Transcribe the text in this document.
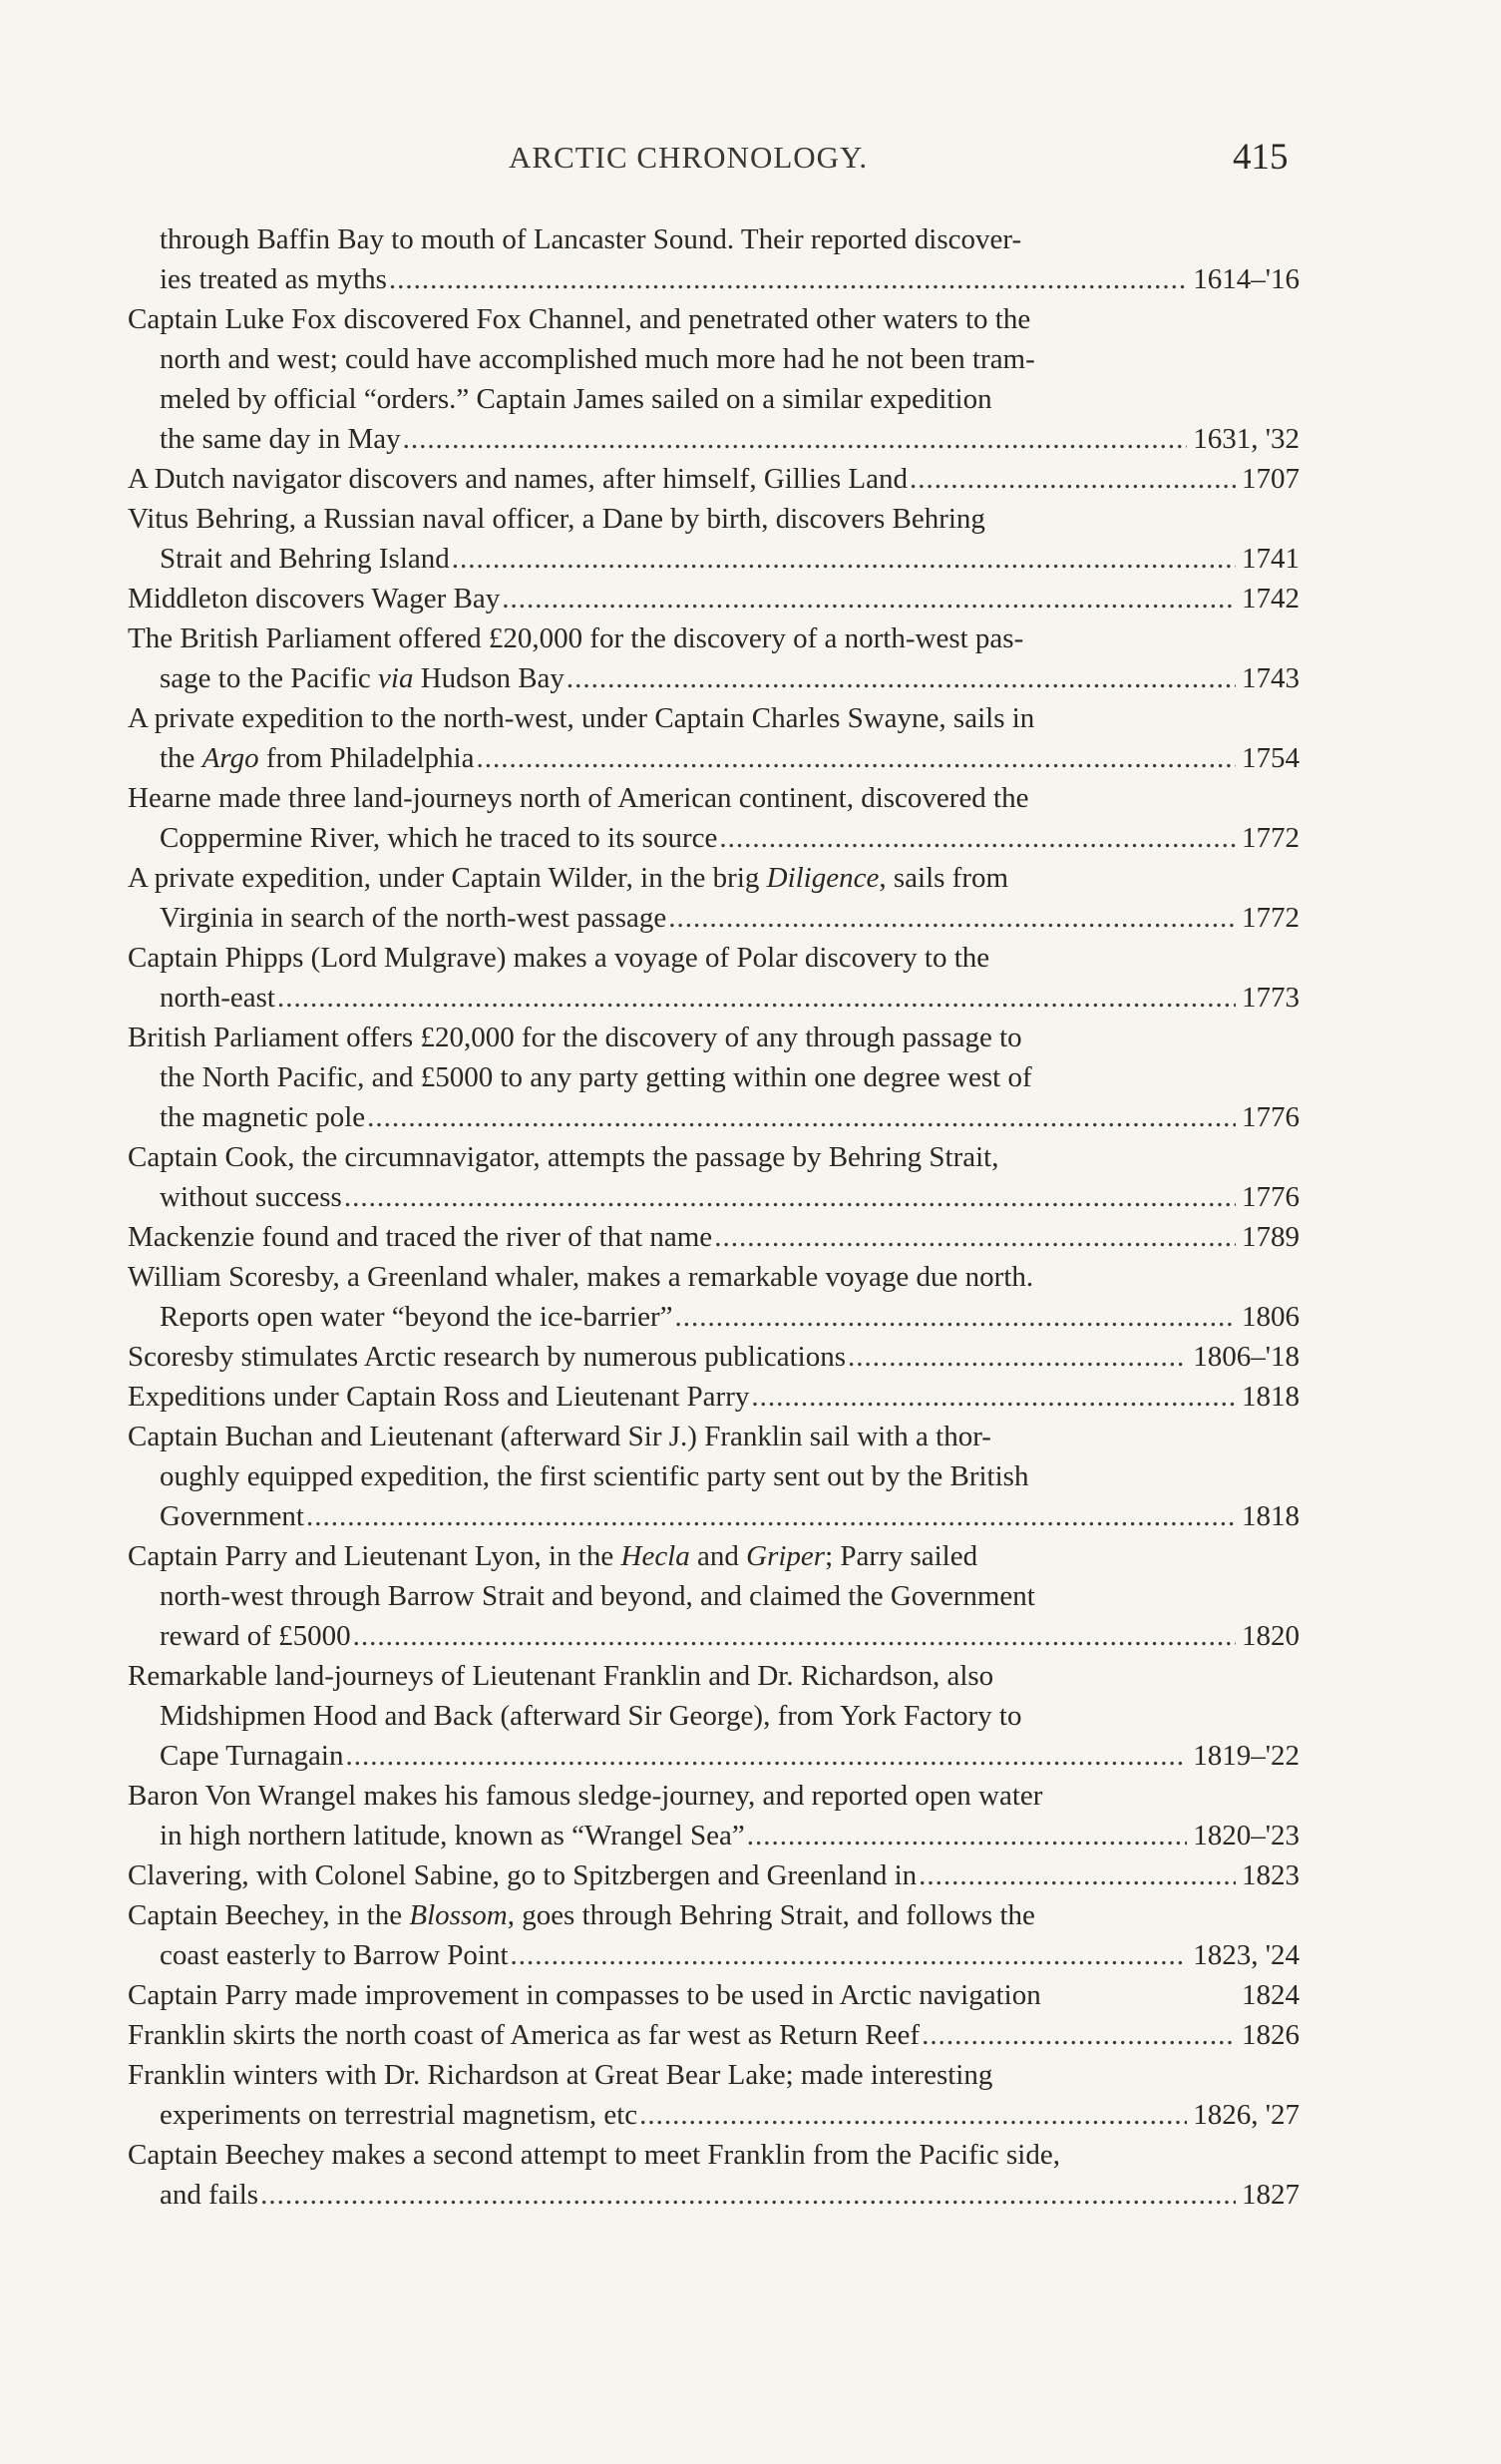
ARCTIC CHRONOLOGY.	415
through Baffin Bay to mouth of Lancaster Sound. Their reported discover-
ies treated as myths .....	1614–'16
Captain Luke Fox discovered Fox Channel, and penetrated other waters to the
north and west; could have accomplished much more had he not been tram-
meled by official “orders.” Captain James sailed on a similar expedition
the same day in May .....	1631, '32
A Dutch navigator discovers and names, after himself, Gillies Land .....	1707
Vitus Behring, a Russian naval officer, a Dane by birth, discovers Behring
Strait and Behring Island .....	1741
Middleton discovers Wager Bay .....	1742
The British Parliament offered £20,000 for the discovery of a north-west pas-
sage to the Pacific via Hudson Bay .....	1743
A private expedition to the north-west, under Captain Charles Swayne, sails in
the Argo from Philadelphia .....	1754
Hearne made three land-journeys north of American continent, discovered the
Coppermine River, which he traced to its source .....	1772
A private expedition, under Captain Wilder, in the brig Diligence, sails from
Virginia in search of the north-west passage .....	1772
Captain Phipps (Lord Mulgrave) makes a voyage of Polar discovery to the
north-east .....	1773
British Parliament offers £20,000 for the discovery of any through passage to
the North Pacific, and £5000 to any party getting within one degree west of
the magnetic pole .....	1776
Captain Cook, the circumnavigator, attempts the passage by Behring Strait,
without success .....	1776
Mackenzie found and traced the river of that name .....	1789
William Scoresby, a Greenland whaler, makes a remarkable voyage due north.
Reports open water “beyond the ice-barrier” .....	1806
Scoresby stimulates Arctic research by numerous publications .....	1806–'18
Expeditions under Captain Ross and Lieutenant Parry .....	1818
Captain Buchan and Lieutenant (afterward Sir J.) Franklin sail with a thor-
oughly equipped expedition, the first scientific party sent out by the British
Government .....	1818
Captain Parry and Lieutenant Lyon, in the Hecla and Griper; Parry sailed
north-west through Barrow Strait and beyond, and claimed the Government
reward of £5000 .....	1820
Remarkable land-journeys of Lieutenant Franklin and Dr. Richardson, also
Midshipmen Hood and Back (afterward Sir George), from York Factory to
Cape Turnagain .....	1819–'22
Baron Von Wrangel makes his famous sledge-journey, and reported open water
in high northern latitude, known as “Wrangel Sea” .....	1820–'23
Clavering, with Colonel Sabine, go to Spitzbergen and Greenland in .....	1823
Captain Beechey, in the Blossom, goes through Behring Strait, and follows the
coast easterly to Barrow Point .....	1823, '24
Captain Parry made improvement in compasses to be used in Arctic navigation	1824
Franklin skirts the north coast of America as far west as Return Reef .....	1826
Franklin winters with Dr. Richardson at Great Bear Lake; made interesting
experiments on terrestrial magnetism, etc .....	1826, '27
Captain Beechey makes a second attempt to meet Franklin from the Pacific side,
and fails .....	1827
